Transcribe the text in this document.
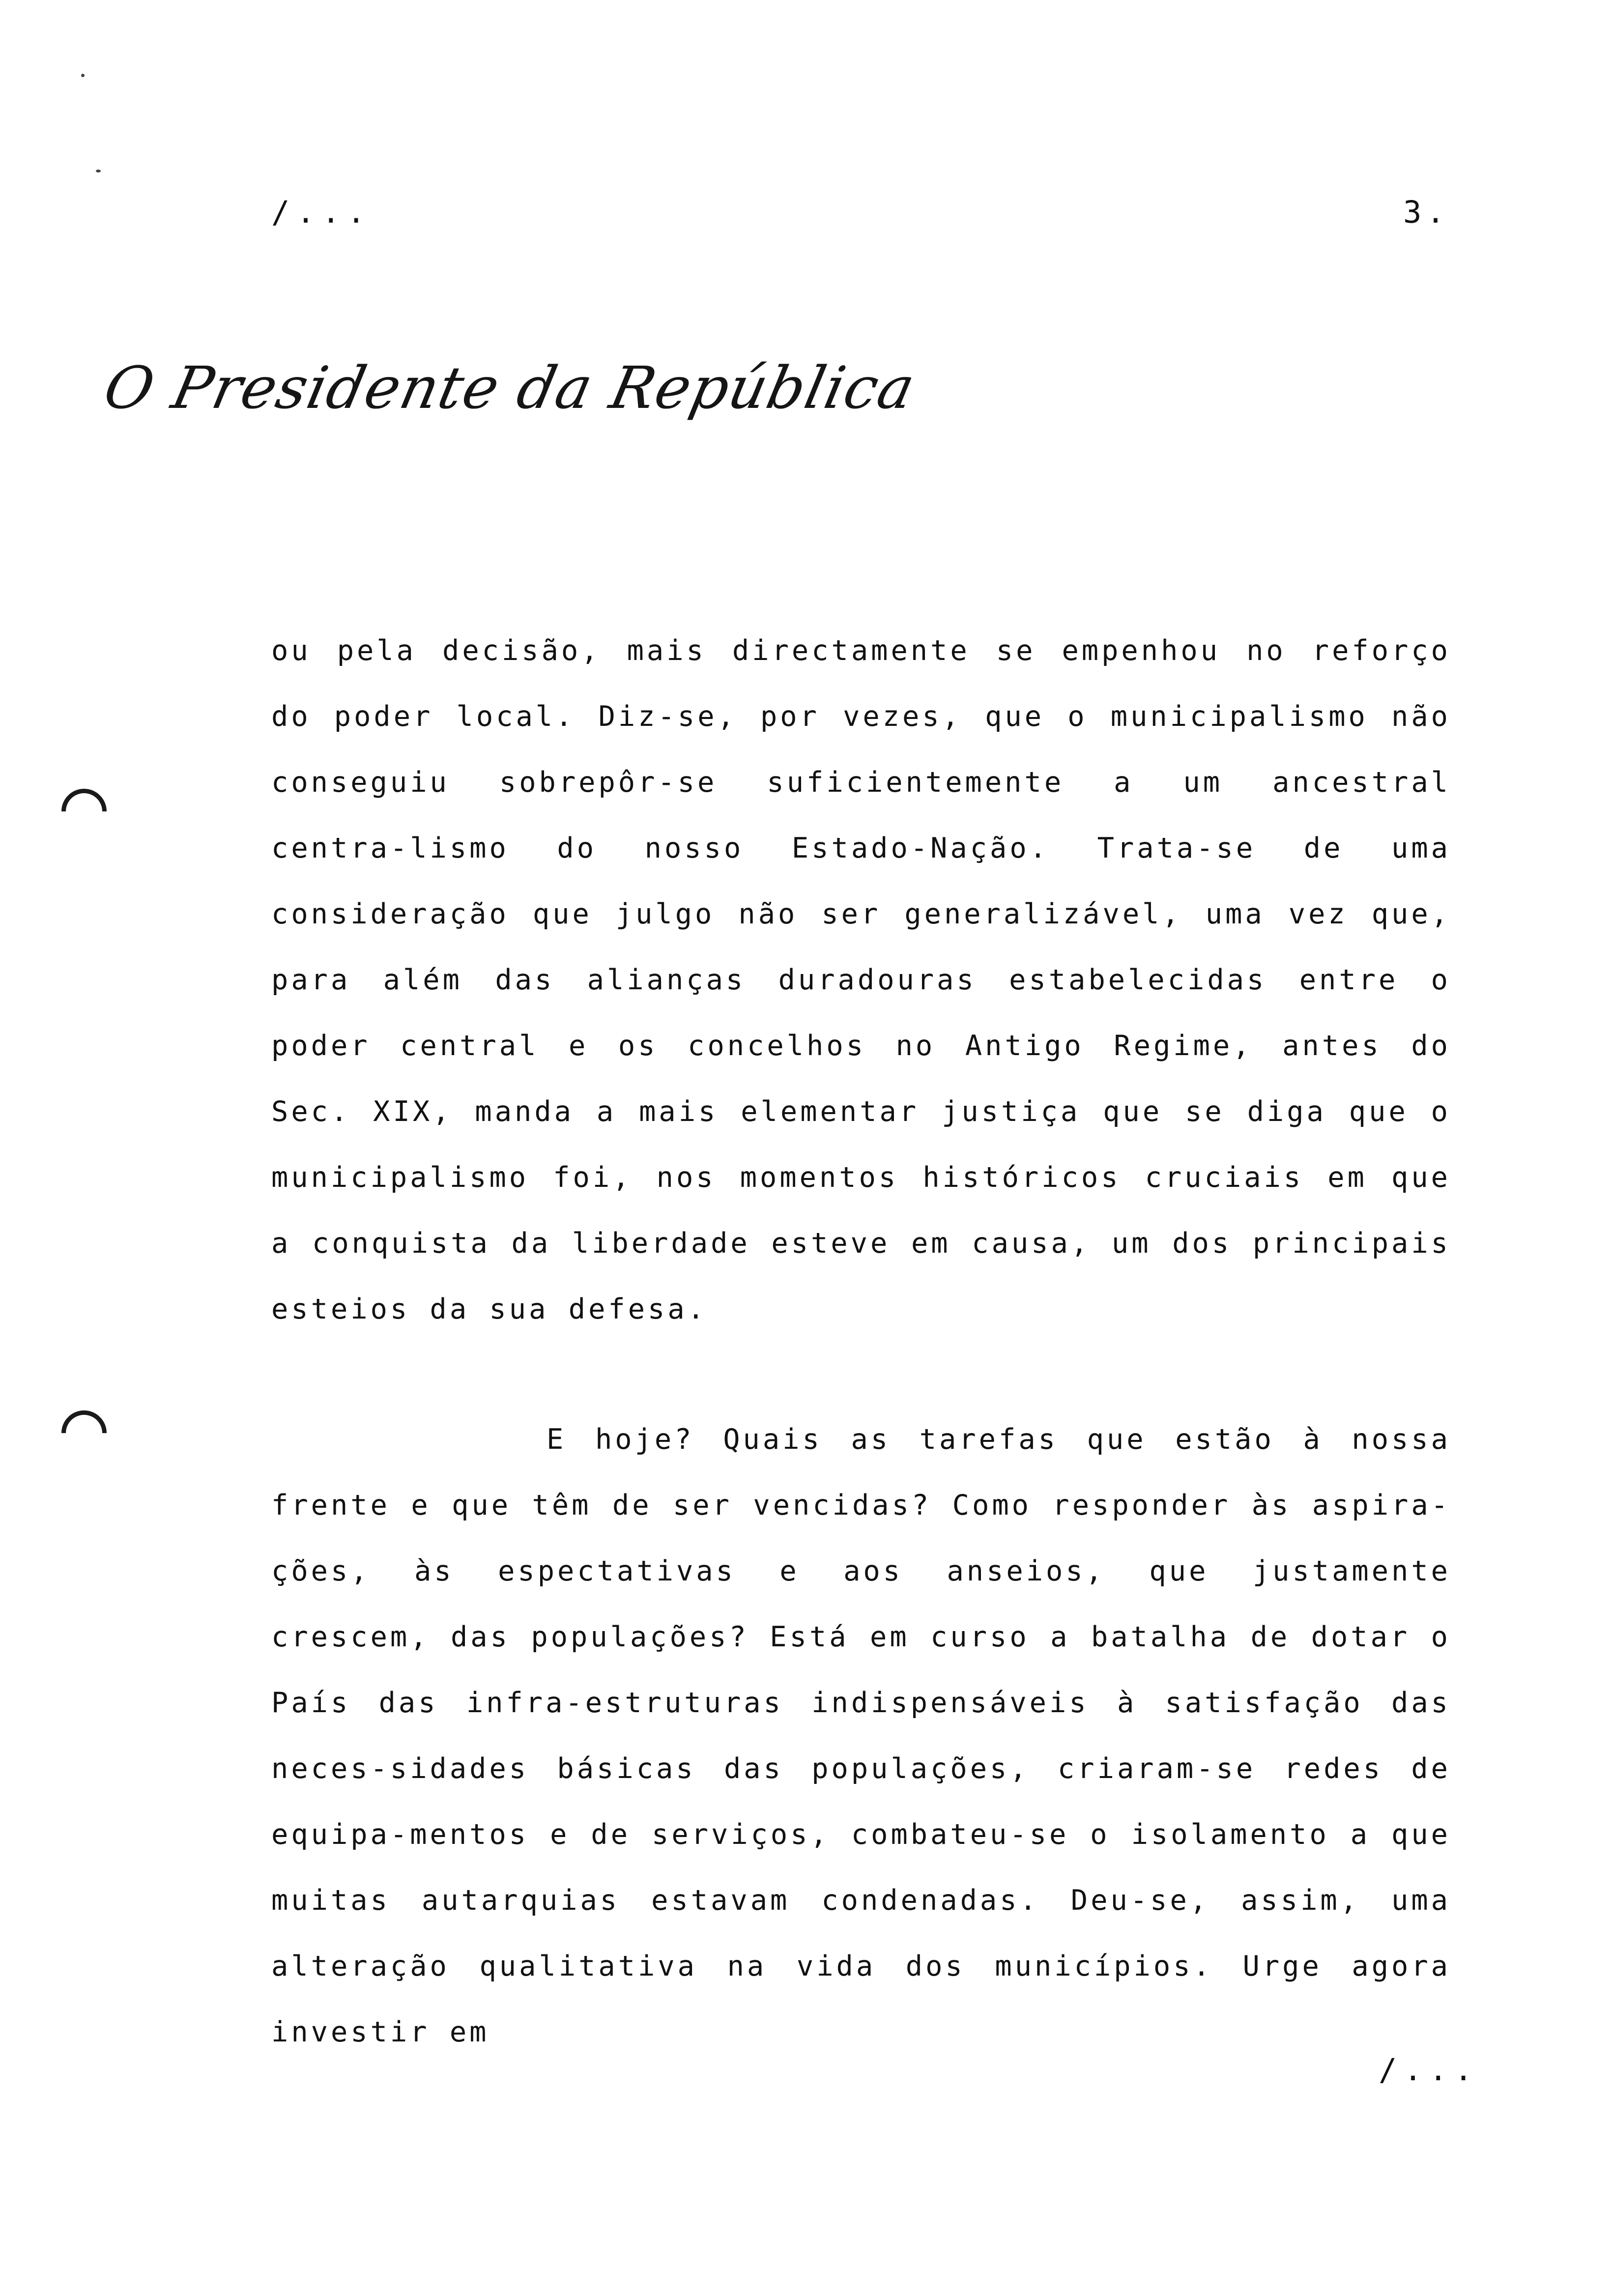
/...	3.
O Presidente da República

ou pela decisão, mais directamente se empenhou no reforço do poder local. Diz-se, por vezes, que o municipalismo não conseguiu sobrepôr-se suficientemente a um ancestral centra-lismo do nosso Estado-Nação. Trata-se de uma consideração que julgo não ser generalizável, uma vez que, para além das alianças duradouras estabelecidas entre o poder central e os concelhos no Antigo Regime, antes do Sec. XIX, manda a mais elementar justiça que se diga que o municipalismo foi, nos momentos históricos cruciais em que a conquista da liberdade esteve em causa, um dos principais esteios da sua defesa.

E hoje? Quais as tarefas que estão à nossa frente e que têm de ser vencidas? Como responder às aspira-ções, às espectativas e aos anseios, que justamente crescem, das populações? Está em curso a batalha de dotar o País das infra-estruturas indispensáveis à satisfação das neces-sidades básicas das populações, criaram-se redes de equipa-mentos e de serviços, combateu-se o isolamento a que muitas autarquias estavam condenadas. Deu-se, assim, uma alteração qualitativa na vida dos municípios. Urge agora investir em

/...
